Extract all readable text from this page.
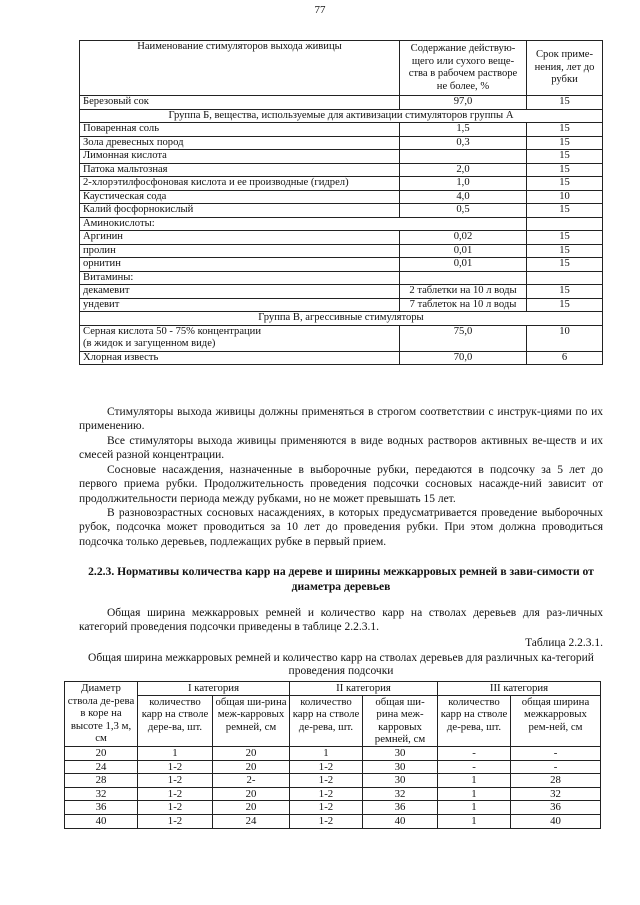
77
Наименование стимуляторов выхода живицы	Содержание действую-щего или сухого веще-ства в рабочем растворе не более, %	Срок приме-нения, лет до рубки
Березовый сок	97,0	15
Группа Б, вещества, используемые для активизации стимуляторов группы А		
Поваренная соль	1,5	15
Зола древесных пород	0,3	15
Лимонная кислота		15
Патока мальтозная	2,0	15
2-хлорэтилфосфоновая кислота и ее производные (гидрел)	1,0	15
Каустическая сода	4,0	10
Калий фосфорнокислый	0,5	15
Аминокислоты:		
Аргинин	0,02	15
пролин	0,01	15
орнитин	0,01	15
Витамины:		
декамевит	2 таблетки на 10 л воды	15
ундевит	7 таблеток на 10 л воды	15
Группа В, агрессивные стимуляторы		

Серная кислота 50 - 75% концентрации
(в жидок и загущенном виде)	75,0	10
Хлорная известь	70,0	6

Стимуляторы выхода живицы должны применяться в строгом соответствии с инструк-циями по их применению.

Все стимуляторы выхода живицы применяются в виде водных растворов активных ве-ществ и их смесей разной концентрации.

Сосновые насаждения, назначенные в выборочные рубки, передаются в подсочку за 5 лет до первого приема рубки. Продолжительность проведения подсочки сосновых насажде-ний зависит от продолжительности периода между рубками, но не может превышать 15 лет.

В разновозрастных сосновых насаждениях, в которых предусматривается проведение выборочных рубок, подсочка может проводиться за 10 лет до проведения рубки. При этом должна проводиться подсочка только деревьев, подлежащих рубке в первый прием.

2.2.3. Нормативы количества карр на дереве и ширины межкарровых ремней в зави-симости от диаметра деревьев

Общая ширина межкарровых ремней и количество карр на стволах деревьев для раз-личных категорий проведения подсочки приведены в таблице 2.2.3.1.

Таблица 2.2.3.1.

Общая ширина межкарровых ремней и количество карр на стволах деревьев для различных ка-тегорий проведения подсочки

Диаметр ствола де-рева в коре на высоте 1,3 м, см	I категория		II категория		III категория	
	количество карр на стволе дере-ва, шт.	общая ши-рина меж-карровых ремней, см	количество карр на стволе де-рева, шт.	общая ши-рина меж-карровых ремней, см	количество карр на стволе де-рева, шт.	общая ширина межкарровых рем-ней, см
20	1	20	1	30	-	-
24	1-2	20	1-2	30	-	-
28	1-2	2-	1-2	30	1	28
32	1-2	20	1-2	32	1	32
36	1-2	20	1-2	36	1	36
40	1-2	24	1-2	40	1	40
